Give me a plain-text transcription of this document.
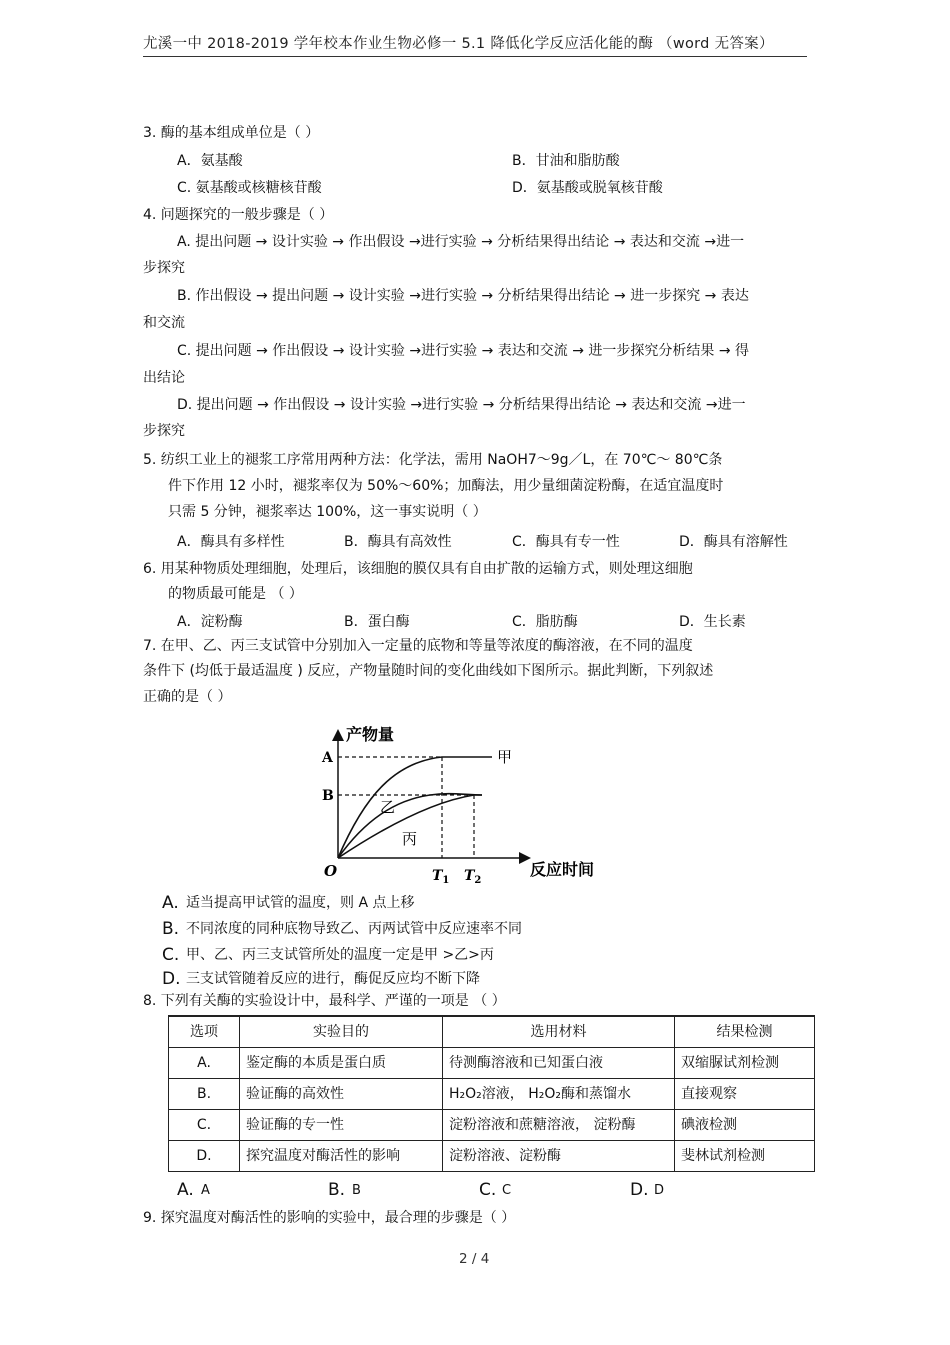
尤溪一中 2018-2019 学年校本作业生物必修一 5.1 降低化学反应活化能的酶 （word 无答案）
3. 酶的基本组成单位是（ ）
A．氨基酸	B．甘油和脂肪酸
C. 氨基酸或核糖核苷酸	D．氨基酸或脱氧核苷酸
4. 问题探究的一般步骤是（ ）
A. 提出问题 → 设计实验 → 作出假设 →进行实验 → 分析结果得出结论 → 表达和交流 →进一
步探究
B. 作出假设 → 提出问题 → 设计实验 →进行实验 → 分析结果得出结论 → 进一步探究 → 表达
和交流
C. 提出问题 → 作出假设 → 设计实验 →进行实验 → 表达和交流 → 进一步探究分析结果 → 得
出结论
D. 提出问题 → 作出假设 → 设计实验 →进行实验 → 分析结果得出结论 → 表达和交流 →进一
步探究
5. 纺织工业上的褪浆工序常用两种方法：化学法，需用 NaOH7～9g／L，在 70℃～ 80℃条
件下作用 12 小时，褪浆率仅为 50%～60%；加酶法，用少量细菌淀粉酶，在适宜温度时
只需 5 分钟，褪浆率达 100%，这一事实说明（ ）
A．酶具有多样性	B．酶具有高效性	C．酶具有专一性	D．酶具有溶解性
6. 用某种物质处理细胞，处理后，该细胞的膜仅具有自由扩散的运输方式，则处理这细胞
的物质最可能是 （ ）
A．淀粉酶	B．蛋白酶	C．脂肪酶	D．生长素
7. 在甲、乙、丙三支试管中分别加入一定量的底物和等量等浓度的酶溶液，在不同的温度
条件下 (均低于最适温度 ) 反应，产物量随时间的变化曲线如下图所示。据此判断，下列叙述
正确的是（ ）
产物量
反应时间
O
A
B
甲
乙
丙
$T_1$ $T_2$
A. 适当提高甲试管的温度，则 A 点上移
B. 不同浓度的同种底物导致乙、丙两试管中反应速率不同
C. 甲、乙、丙三支试管所处的温度一定是甲 >乙>丙
D. 三支试管随着反应的进行，酶促反应均不断下降
8. 下列有关酶的实验设计中，最科学、严谨的一项是 （ ）
选项	实验目的	选用材料	结果检测
A.	鉴定酶的本质是蛋白质	待测酶溶液和已知蛋白液	双缩脲试剂检测
B.	验证酶的高效性	H₂O₂溶液， H₂O₂酶和蒸馏水	直接观察
C.	验证酶的专一性	淀粉溶液和蔗糖溶液， 淀粉酶	碘液检测
D.	探究温度对酶活性的影响	淀粉溶液、淀粉酶	斐林试剂检测
A. A	B. B	C. C	D. D
9. 探究温度对酶活性的影响的实验中，最合理的步骤是（ ）
2 / 4
